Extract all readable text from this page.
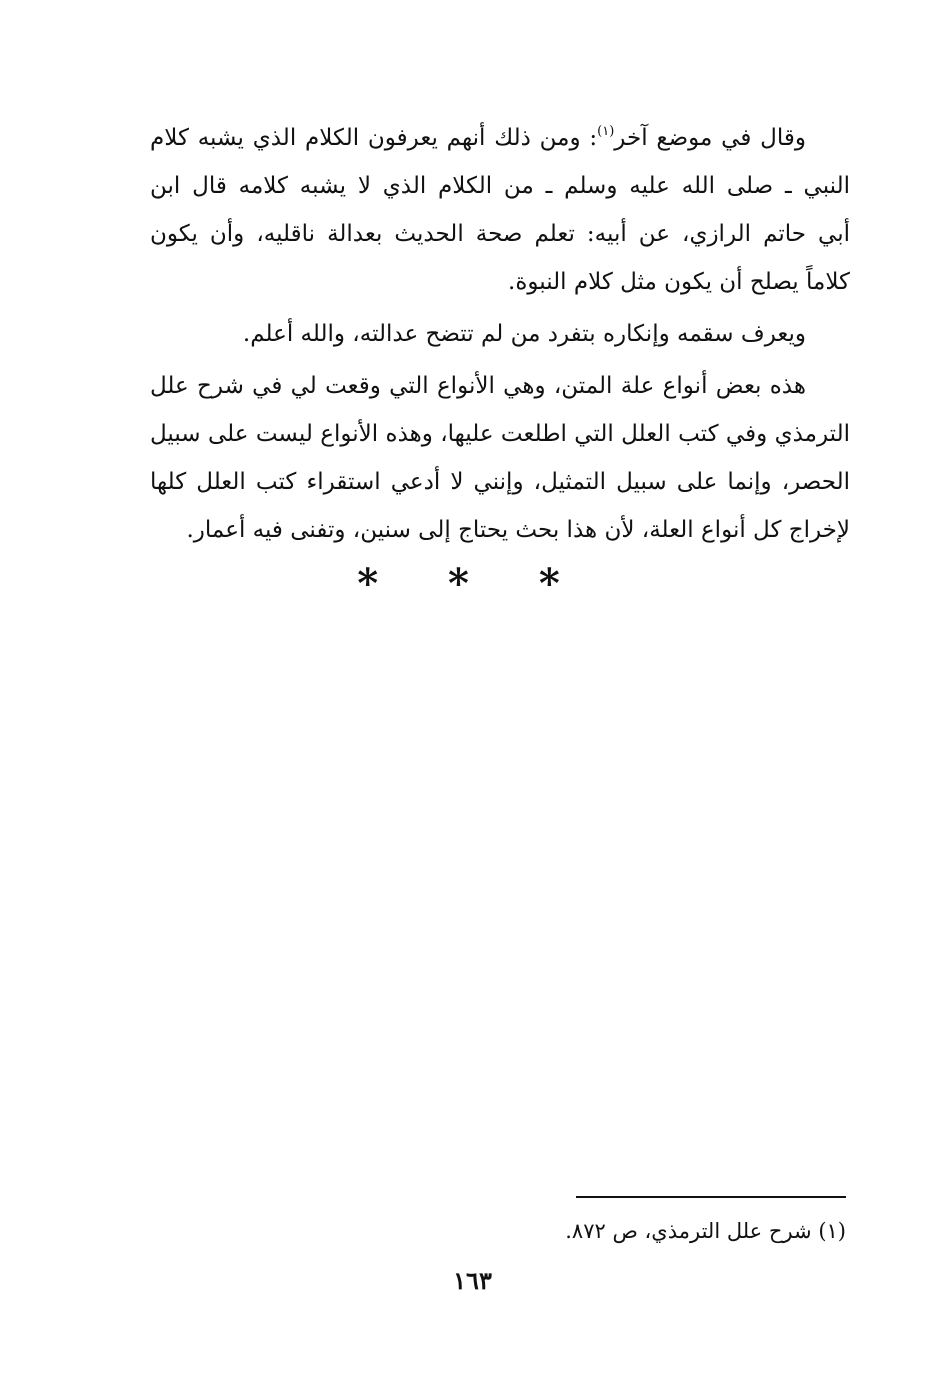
وقال في موضع آخر$^{(١)}$: ومن ذلك أنهم يعرفون الكلام الذي يشبه كلام
النبي ـ صلى الله عليه وسلم ـ من الكلام الذي لا يشبه كلامه قال ابن
أبي حاتم الرازي، عن أبيه: تعلم صحة الحديث بعدالة ناقليه، وأن يكون
كلاماً يصلح أن يكون مثل كلام النبوة.

ويعرف سقمه وإنكاره بتفرد من لم تتضح عدالته، والله أعلم.

هذه بعض أنواع علة المتن، وهي الأنواع التي وقعت لي في شرح علل
الترمذي وفي كتب العلل التي اطلعت عليها، وهذه الأنواع ليست على سبيل
الحصر، وإنما على سبيل التمثيل، وإنني لا أدعي استقراء كتب العلل كلها
لإخراج كل أنواع العلة، لأن هذا بحث يحتاج إلى سنين، وتفنى فيه أعمار.

* * *
(١) شرح علل الترمذي، ص ٨٧٢.
١٦٣
